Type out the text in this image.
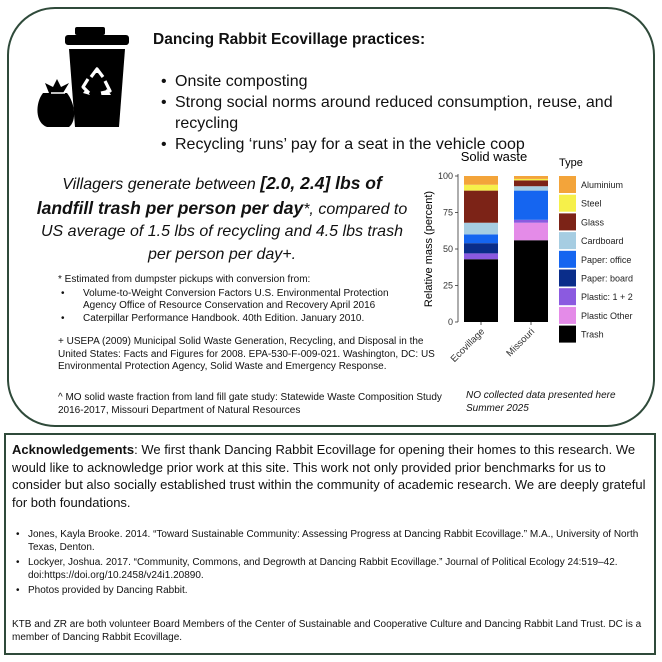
Dancing Rabbit Ecovillage practices:
• Onsite composting
• Strong social norms around reduced consumption, reuse, and recycling
• Recycling ‘runs’ pay for a seat in the vehicle coop
Villagers generate between [2.0, 2.4] lbs of landfill trash per person per day*, compared to US average of 1.5 lbs of recycling and 4.5 lbs trash per person per day+.
* Estimated from dumpster pickups with conversion from:
• Volume-to-Weight Conversion Factors U.S. Environmental Protection Agency Office of Resource Conservation and Recovery April 2016
• Caterpillar Performance Handbook. 40th Edition. January 2010.
+ USEPA (2009) Municipal Solid Waste Generation, Recycling, and Disposal in the United States: Facts and Figures for 2008. EPA-530-F-009-021. Washington, DC: US Environmental Protection Agency, Solid Waste and Emergency Response.
^ MO solid waste fraction from land fill gate study: Statewide Waste Composition Study 2016-2017, Missouri Department of Natural Resources
NO collected data presented here Summer 2025
Solid waste
0
25
50
75
100
Relative mass (percent)
Ecovillage Missouri
Type
Aluminium
Steel
Glass
Cardboard
Paper: office
Paper: board
Plastic: 1 + 2
Plastic Other
Trash
Acknowledgements: We first thank Dancing Rabbit Ecovillage for opening their homes to this research. We would like to acknowledge prior work at this site. This work not only provided prior benchmarks for us to consider but also socially established trust within the community of academic research. We are deeply grateful for both foundations.
• Jones, Kayla Brooke. 2014. “Toward Sustainable Community: Assessing Progress at Dancing Rabbit Ecovillage.” M.A., University of North Texas, Denton.
• Lockyer, Joshua. 2017. “Community, Commons, and Degrowth at Dancing Rabbit Ecovillage.” Journal of Political Ecology 24:519–42. doi:https://doi.org/10.2458/v24i1.20890.
• Photos provided by Dancing Rabbit.
KTB and ZR are both volunteer Board Members of the Center of Sustainable and Cooperative Culture and Dancing Rabbit Land Trust. DC is a member of Dancing Rabbit Ecovillage.
